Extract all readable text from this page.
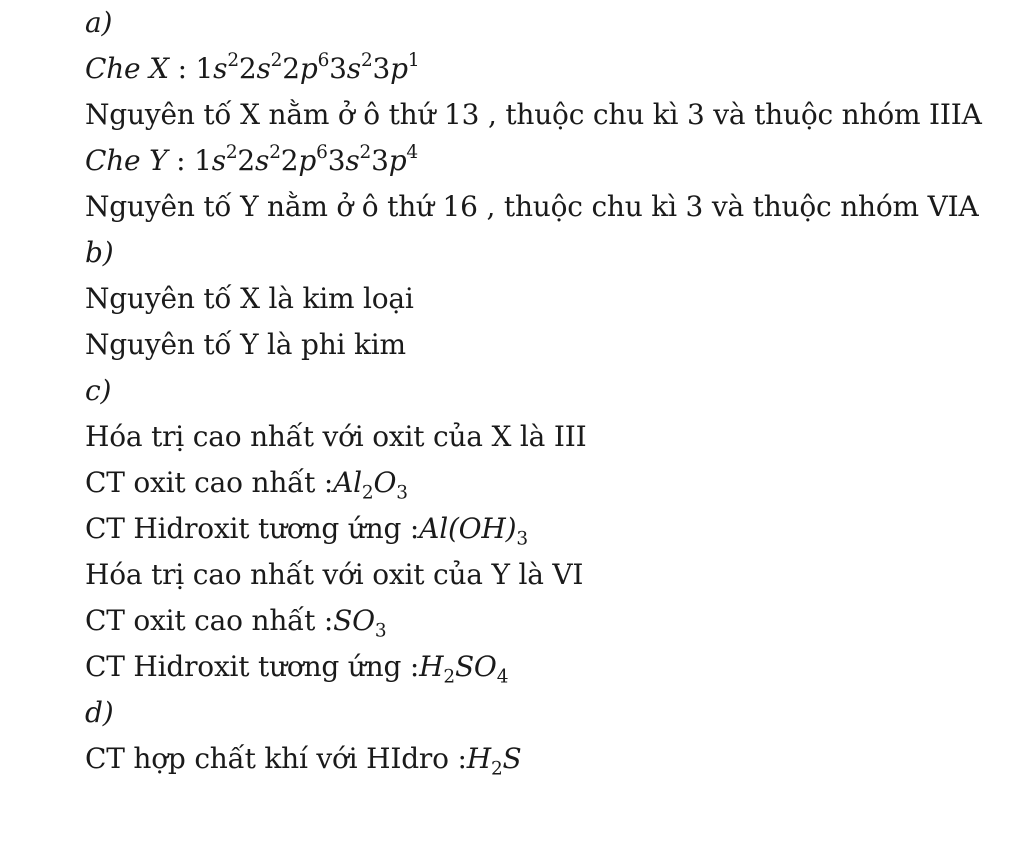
a)
Che X : $1s^22s^22p^63s^23p^1$
Nguyên tố X nằm ở ô thứ 13 , thuộc chu kì 3 và thuộc nhóm IIIA
Che Y : $1s^22s^22p^63s^23p^4$
Nguyên tố Y nằm ở ô thứ 16 , thuộc chu kì 3 và thuộc nhóm VIA
b)
Nguyên tố X là kim loại
Nguyên tố Y là phi kim
c)
Hóa trị cao nhất với oxit của X là III
CT oxit cao nhất $:Al_2O_3$
CT Hidroxit tương ứng $:Al(OH)_3$
Hóa trị cao nhất với oxit của Y là VI
CT oxit cao nhất $:SO_3$
CT Hidroxit tương ứng $:H_2SO_4$
d)
CT hợp chất khí với HIdro $:H_2S$
